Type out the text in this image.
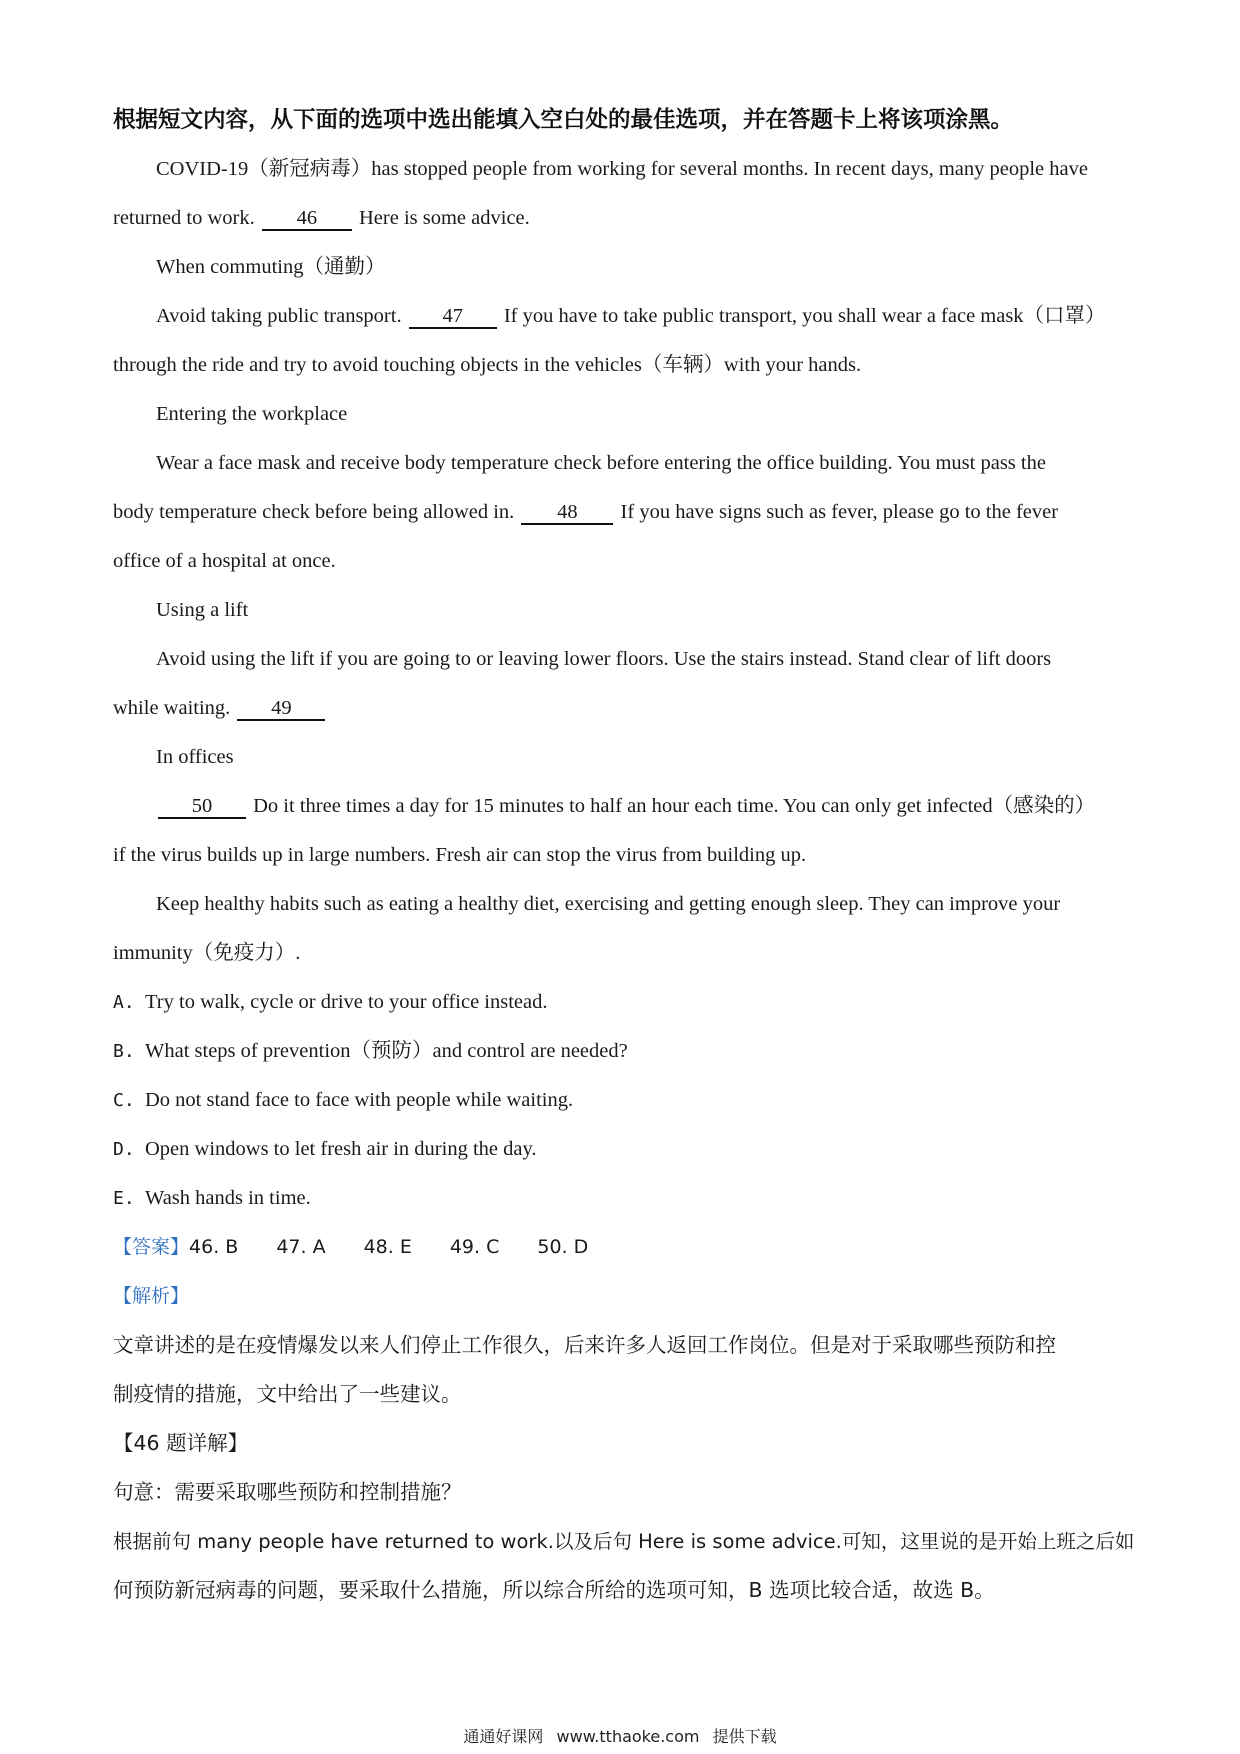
根据短文内容，从下面的选项中选出能填入空白处的最佳选项，并在答题卡上将该项涂黑。
COVID-19（新冠病毒）has stopped people from working for several months. In recent days, many people have
returned to work. 46 Here is some advice.
When commuting（通勤）
Avoid taking public transport. 47 If you have to take public transport, you shall wear a face mask（口罩）
through the ride and try to avoid touching objects in the vehicles（车辆）with your hands.
Entering the workplace
Wear a face mask and receive body temperature check before entering the office building. You must pass the
body temperature check before being allowed in. 48 If you have signs such as fever, please go to the fever
office of a hospital at once.
Using a lift
Avoid using the lift if you are going to or leaving lower floors. Use the stairs instead. Stand clear of lift doors
while waiting. 49
In offices
50 Do it three times a day for 15 minutes to half an hour each time. You can only get infected（感染的）
if the virus builds up in large numbers. Fresh air can stop the virus from building up.
Keep healthy habits such as eating a healthy diet, exercising and getting enough sleep. They can improve your
immunity（免疫力）.
A. Try to walk, cycle or drive to your office instead.
B. What steps of prevention（预防）and control are needed?
C. Do not stand face to face with people while waiting.
D. Open windows to let fresh air in during the day.
E. Wash hands in time.
【答案】46. B 47. A 48. E 49. C 50. D
【解析】
文章讲述的是在疫情爆发以来人们停止工作很久，后来许多人返回工作岗位。但是对于采取哪些预防和控
制疫情的措施，文中给出了一些建议。
【46 题详解】
句意：需要采取哪些预防和控制措施？
根据前句 many people have returned to work.以及后句 Here is some advice.可知，这里说的是开始上班之后如
何预防新冠病毒的问题，要采取什么措施，所以综合所给的选项可知，B 选项比较合适，故选 B。
通通好课网 www.tthaoke.com 提供下载
